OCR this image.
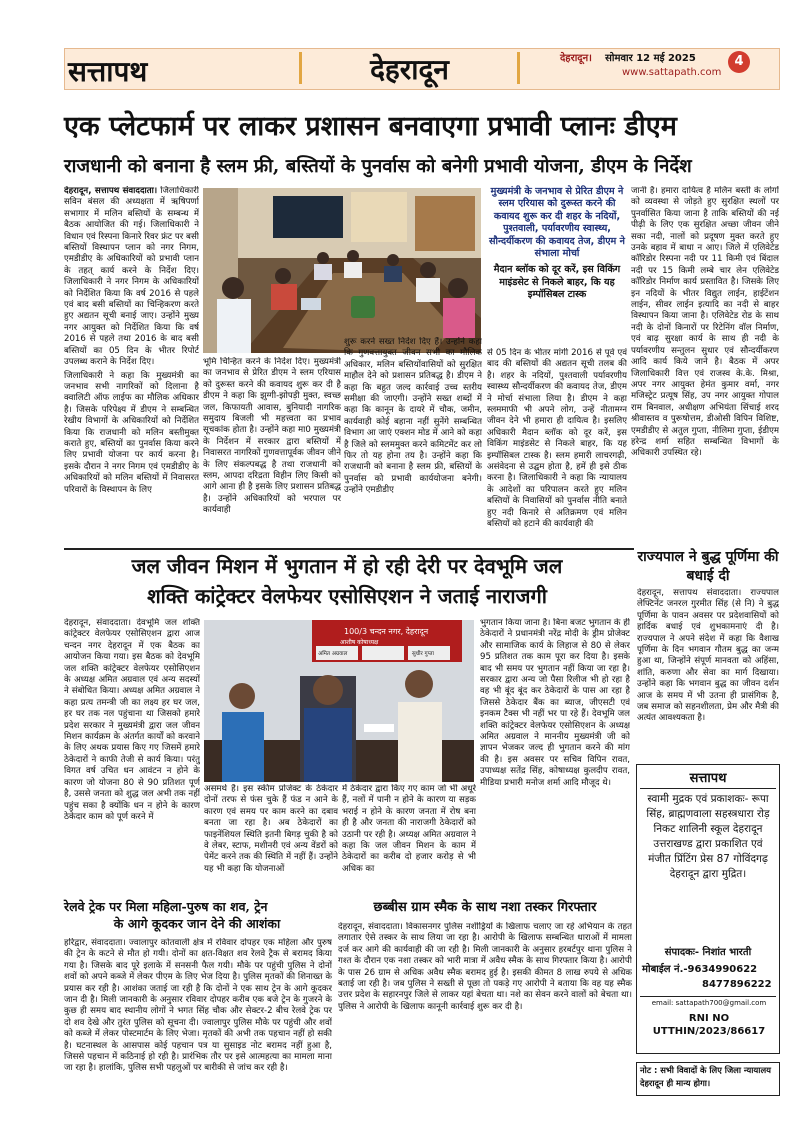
सत्तापथ	देहरादून	देहरादून। सोमवार 12 मई 2025
www.sattapath.com
4
एक प्लेटफार्म पर लाकर प्रशासन बनवाएगा प्रभावी प्लानः डीएम
राजधानी को बनाना है स्लम फ्री, बस्तियों के पुनर्वास को बनेगी प्रभावी योजना, डीएम के निर्देश

देहरादून, सत्तापथ संवाददाता। जिलाधिकारी सविन बंसल की अध्यक्षता में ऋषिपर्णा सभागार में मलिन बस्तियों के सम्बन्ध में बैठक आयोजित की गई। जिलाधिकारी ने विधान एवं रिस्पना किनारे रिवर फ्रंट पर बसी बस्तियों विस्थापन प्लान को नगर निगम, एमडीडीए के अधिकारियों को प्रभावी प्लान के तहत् कार्य करने के निर्देश दिए। जिलाधिकारी ने नगर निगम के अधिकारियों को निर्देशित किया कि वर्ष 2016 से पहले एवं बाद बसी बस्तियों का चिन्हिकरण करते हुए अद्यतन सूची बनाई जाए। उन्होंने मुख्य नगर आयुक्त को निर्देशित किया कि वर्ष 2016 से पहले तथा 2016 के बाद बसी बस्तियों का 05 दिन के भीतर रिपोर्ट उपलब्ध कराने के निर्देश दिए।

जिलाधिकारी ने कहा कि मुख्यमंत्री का जनभाव सभी नागरिकों को दिलाना है क्वालिटी ऑफ लाईफ का मौलिक अधिकार है। जिसके परिपेक्ष्य में डीएम ने सम्बन्धित रेखीय विभागों के अधिकारियों को निर्देशित किया कि राजधानी को मलिन बस्तीमुक्त कराते हुए, बस्तियों का पुनर्वास किया करने लिए प्रभावी योजना पर कार्य करना है। इसके दौरान ने नगर निगम एवं एमडीडीए के अधिकारियों को मलिन बस्तियों में निवासरत परिवारों के विस्थापन के लिए

भूमि चिन्हित करने के निर्देश दिए। मुख्यमंत्री का जनभाव से प्रेरित डीएम ने स्लम एरियास को दुरूस्त करने की कवायद शुरू कर दी है डीएम ने कहा कि झुग्गी-झोपड़ी मुक्त, स्वच्छ जल, किफायती आवास, बुनियादी नागरिक समुदाय बिजली भी महत्त्वता का प्रभाव सूचकांक होता है। उन्होंने कहा मा0 मुख्यमंत्री के निर्देशन में सरकार द्वारा बस्तियों में निवासरत नागरिकों गुणवत्तापूर्वक जीवन जीने के लिए संकल्पबद्ध है तथा राजधानी को स्लम, आपदा दरिद्रता विहीन लिए किसी को आगे आना ही है इसके लिए प्रशासन प्रतिबद्ध है। उन्होंने अधिकारियों को भरपाल पर कार्यवाही

शुरू करने सख्त निर्देश दिए हैं। उन्होंने कहा कि गुणवत्तायुक्त जीवन सभी का मौलिक अधिकार, मलिन बस्तियोंवासियों को सुरक्षित माहौल देने को प्रशासन प्रतिबद्ध है। डीएम ने कहा कि बहुत जल्द कार्रवाई उच्च स्तरीय समीक्षा की जाएगी। उन्होंने सख्त शब्दों में कहा कि कानून के दायरे में चौक, जमीन, कार्यवाही कोई बहाना नहीं सुनेंगे सम्बन्धित विभाग आ जाएं एक्शन मोड में आने को कहा है जिले को स्लममुक्त करने कमिटमेंट कर लो फिर तो यह होना तय है। उन्होंने कहा कि राजधानी को बनाना है स्लम फ्री, बस्तियों के पुनर्वास को प्रभावी कार्ययोजना बनेगी। उन्होंने एमडीडीए

मुख्यमंत्री के जनभाव से प्रेरित डीएम ने स्लम एरियास को दुरूस्त करने की कवायद शुरू कर दी शहर के नदियों, पुश्तवाली, पर्यावरणीय स्वास्थ्य, सौन्दर्यीकरण की कवायद तेज, डीएम ने संभाला मोर्चा
मैदान ब्लॉक को दूर करें, इस विकिंग माइंडसेट से निकले बाहर, कि यह इम्पॉसिबल टास्क

से 05 दिन के भीतर मांगी 2016 से पूर्व एवं बाद की बस्तियों की अद्यतन सूची तलब की है। शहर के नदियों, पुश्तवाली पर्यावरणीय स्वास्थ्य सौन्दर्यीकरण की कवायद तेज, डीएम ने मोर्चा संभाला लिया है। डीएम ने कहा स्लममाफी भी अपने लोग, उन्हें नीतामग्न जीवन देने भी हमारा ही दायित्व है। इसलिए अधिकारी मैदान ब्लॉक को दूर करें, इस विकिंग माइंडसेट से निकले बाहर, कि यह इम्पॉसिबल टास्क है। स्लम हमारी लाचरगढ़ी, असंवेदना से उद्घम होता है, हमें ही इसे ठीक करना है। जिलाधिकारी ने कहा कि न्यायालय के आदेशों का परिपालन करते हुए मलिन बस्तियों के निवासियों को पुनर्वास नीति बनाते हुए नदी किनारे से अतिक्रमण एवं मलिन बस्तियों को हटाने की कार्यवाही की

जानी है। हमारा दायित्व है मलिन बस्ती के लोगों को व्यवस्था से जोड़ते हुए सुरक्षित स्थलों पर पुनर्वासित किया जाना है ताकि बस्तियों की नई पीढ़ी के लिए एक सुरक्षित अच्छा जीवन जीने सका नदी, नालों को प्रदूषण मुक्त करते हुए उनके बहाव में बाधा न आए। जिले में एलिवेटेड कॉरिडोर रिस्पना नदी पर 11 किमी एवं बिंदाल नदी पर 15 किमी लम्बे चार लेन एलिवेटेड कॉरिडोर निर्माण कार्य प्रस्तावित है। जिसके लिए इन नदियों के भीतर विद्युत लाईन, हाईटेंशन लाईन, सीवर लाईन इत्यादि का नदी से बाहर विस्थापन किया जाना है। एलिवेटेड रोड के साथ नदी के दोनों किनारों पर रिटेनिंग वॉल निर्माण, एवं बाढ़ सुरक्षा कार्य के साथ ही नदी के पर्यावरणीय सन्तुलन सुधार एवं सौन्दर्यीकरण आदि कार्य किये जाने है। बैठक में अपर जिलाधिकारी वित्त एवं राजस्व के.के. मिश्रा, अपर नगर आयुक्त हेमंत कुमार वर्मा, नगर मजिस्ट्रेट प्रत्यूष सिंह, उप नगर आयुक्त गोपाल राम बिनवाल, अधीक्षण अभियंता सिंचाई शरद श्रीवास्तव व पुरूषोत्तम, डीओसी विपिन विशिष्ट, एमडीडीए से अतुल गुप्ता, नीलिमा गुप्ता, ईडीएम हरेन्द्र शर्मा सहित सम्बन्धित विभागों के अधिकारी उपस्थित रहे।

जल जीवन मिशन में भुगतान में हो रही देरी पर देवभूमि जल
शक्ति कांट्रेक्टर वेलफेयर एसोसिएशन ने जताई नाराजगी

देहरादून, संवाददाता। देवभूमि जल शक्ति कांट्रेक्टर वेलफेयर एसोसिएशन द्वारा आज चन्दन नगर देहरादून में एक बैठक का आयोजन किया गया। इस बैठक को देवभूमि जल शक्ति कांट्रेक्टर वेलफेयर एसोसिएशन के अध्यक्ष अमित अग्रवाल एवं अन्य सदस्यों ने संबोधित किया। अध्यक्ष अमित अग्रवाल ने कहा प्रत्य तमन्त्री जी का लक्ष्य हर घर जल, हर घर तक नल पहुंचाना था जिसको हमारे प्रदेश सरकार ने मुख्यमंत्री द्वारा जल जीवन मिशन कार्यक्रम के अंतर्गत कार्यों को करवाने के लिए अथक प्रयास किए गए जिसमें हमारे ठेकेदारों ने काफी तेजी से कार्य किया। परंतु विगत वर्ष उचित धन आवंटन न होने के कारण जो योजना 80 से 90 प्रतिशत पूर्ण है, उससे जनता को शुद्ध जल अभी तक नहीं पहुंच सका है क्योंकि धन न होने के कारण ठेकेदार काम को पूर्ण करने में

100/3 चन्दन नगर, देहरादून
आशीष कोषाध्यक्ष
अमित अग्रवाल	सुधीर गुप्ता

असमर्थ है। इस स्कीम प्रोजेक्ट के ठेकेदार दोनों तरफ से फंस चुके हैं फंड न आने के कारण एवं समय पर काम करने का दबाव बनता जा रहा है। अब ठेकेदारों का फाइनेंशियल स्थिति इतनी बिगड़ चुकी है को वे लेबर, स्टाफ, मशीनरी एवं अन्य वेंडरों को पेमेंट करने तक की स्थिति में नहीं हैं। उन्होंने यह भी कहा कि योजनाओं

में ठेकेदार द्वारा किए गए काम जो भी अधूरे हैं, नलों में पानी न होने के कारण या सड़क भराई न होने के कारण जनता में रोष बना ही है और जनता की नाराजगी ठेकेदारों को उठानी पर रही है। अध्यक्ष अमित अग्रवाल ने कहा कि जल जीवन मिशन के काम में ठेकेदारों का करीब दो हजार करोड़ से भी अधिक का

भुगतान किया जाना है। बिना बजट भुगतान के ही ठेकेदारों ने प्रधानमंत्री नरेंद्र मोदी के ड्रीम प्रोजेक्ट और सामाजिक कार्य के लिहाज से 80 से लेकर 95 प्रतिशत तक काम पूरा कर दिया है। इसके बाद भी समय पर भुगतान नहीं किया जा रहा है। सरकार द्वारा अन्य जो पैसा रिलीज भी हो रहा है वह भी बूंद बूंद कर ठेकेदारों के पास आ रहा है जिससे ठेकेदार बैंक का ब्याज, जीएसटी एवं इनकम टैक्स भी नहीं भर पा रहे हैं। देवभूमि जल शक्ति कांट्रेक्टर वेलफेयर एसोसिएशन के अध्यक्ष अमित अग्रवाल ने माननीय मुख्यमंत्री जी को ज्ञापन भेजकर जल्द ही भुगतान करने की मांग की है। इस अवसर पर सचिव विपिन रावत, उपाध्यक्ष सतेंद्र सिंह, कोषाध्यक्ष कुलदीप रावत, मीडिया प्रभारी मनोज शर्मा आदि मौजूद थे।

राज्यपाल ने बुद्ध पूर्णिमा की बधाई दी

देहरादून, सत्तापथ संवाददाता। राज्यपाल लेफ्टिनेंट जनरल गुरमीत सिंह (से नि) ने बुद्ध पूर्णिमा के पावन अवसर पर प्रदेशवासियों को हार्दिक बधाई एवं शुभकामनाएं दी है। राज्यपाल ने अपने संदेश में कहा कि वैशाख पूर्णिमा के दिन भगवान गौतम बुद्ध का जन्म हुआ था, जिन्होंने संपूर्ण मानवता को अहिंसा, शांति, करुणा और सेवा का मार्ग दिखाया। उन्होंने कहा कि भगवान बुद्ध का जीवन दर्शन आज के समय में भी उतना ही प्रासंगिक है, जब समाज को सहनशीलता, प्रेम और मैत्री की अत्यंत आवश्यकता है।

रेलवे ट्रेक पर मिला महिला-पुरुष का शव, ट्रेन
के आगे कूदकर जान देने की आशंका

हरिद्वार, संवाददाता। ज्वालापुर कोतवाली क्षेत्र में रविवार दोपहर एक महिला और पुरुष की ट्रेन के कटने से मौत हो गयी। दोनों का क्षत-विक्षत शव रेलवे ट्रैक से बरामद किया गया है। जिसके बाद पूरे इलाके में सनसनी फैल गयी। मौके पर पहुंची पुलिस ने दोनों शवों को अपने कब्जे में लेकर पीएम के लिए भेज दिया है। पुलिस मृतकों की शिनाख्त के प्रयास कर रही है। आशंका जताई जा रही है कि दोनों ने एक साथ ट्रेन के आगे कूदकर जान दी है। मिली जानकारी के अनुसार रविवार दोपहर करीब एक बजे ट्रेन के गुजरने के कुछ ही समय बाद स्थानीय लोगों ने भगत सिंह चौक और सेक्टर-2 बीच रेलवे ट्रेक पर दो शव देखे और तुरंत पुलिस को सूचना दी। ज्वालापुर पुलिस मौके पर पहुंची और शवों को कब्जे में लेकर पोस्टमार्टम के लिए भेजा। मृतकों की अभी तक पहचान नहीं हो सकी है। घटनास्थल के आसपास कोई पहचान पत्र या सुसाइड नोट बरामद नहीं हुआ है, जिससे पहचान में कठिनाई हो रही है। प्रारंभिक तौर पर इसे आत्महत्या का मामला माना जा रहा है। हालांकि, पुलिस सभी पहलुओं पर बारीकी से जांच कर रही है।

छब्बीस ग्राम स्मैक के साथ नशा तस्कर गिरफ्तार

देहरादून, संवाददाता। विकासनगर पुलिस नशीड्रियों के खिलाफ चलाए जा रहे अभियान के तहत लगातार ऐसे तस्कर के साथ लिया जा रहा है। आरोपी के खिलाफ सम्बन्धित धाराओं में मामला दर्ज कर आगे की कार्यवाही की जा रही है। मिली जानकारी के अनुसार हरबर्टपुर थाना पुलिस ने गश्त के दौरान एक नशा तस्कर को भारी मात्रा में अवैध स्मैक के साथ गिरफ्तार किया है। आरोपी के पास 26 ग्राम से अधिक अवैध स्मैक बरामद हुई है। इसकी कीमत 8 लाख रुपये से अधिक बताई जा रही है। जब पुलिस ने सख्ती से पूछा तो पकड़े गए आरोपी ने बताया कि वह यह स्मैक उत्तर प्रदेश के सहारनपुर जिले से लाकर यहां बेचता था। नशे का सेवन करने वालों को बेचता था। पुलिस ने आरोपी के खिलाफ कानूनी कार्रवाई शुरू कर दी है।

सत्तापथ
स्वामी मुद्रक एवं प्रकाशकः- रूपा सिंह, ब्राह्मणवाला सहस्त्रधारा रोड़ निकट शालिनी स्कूल देहरादून उत्तराखण्ड द्वारा प्रकाशित एवं मंजीत प्रिंटिंग प्रेस 87 गोविंदगढ़ देहरादून द्वारा मुद्रित।
संपादकः- निशांत भारती
मोबाईल नं.-9634990622
8477896222
email: sattapath700@gmail.com
RNI NO
UTTHIN/2023/86617
नोट : सभी विवादों के लिए जिला न्यायालय देहरादून ही मान्य होगा।
